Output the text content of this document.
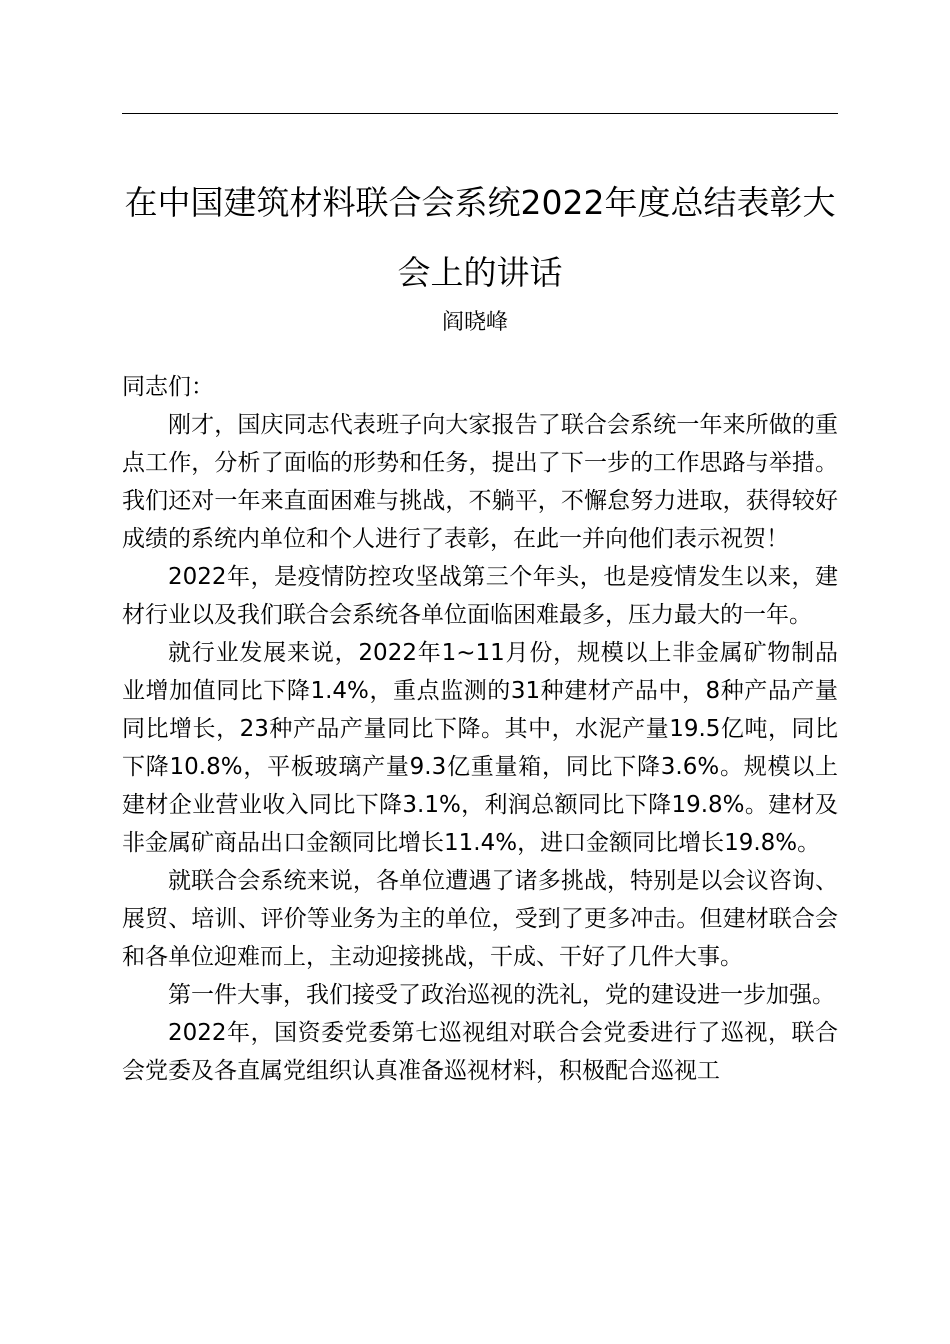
在中国建筑材料联合会系统2022年度总结表彰大会上的讲话
阎晓峰

同志们：

刚才，国庆同志代表班子向大家报告了联合会系统一年来所做的重点工作，分析了面临的形势和任务，提出了下一步的工作思路与举措。我们还对一年来直面困难与挑战，不躺平，不懈怠努力进取，获得较好成绩的系统内单位和个人进行了表彰，在此一并向他们表示祝贺！

2022年，是疫情防控攻坚战第三个年头，也是疫情发生以来，建材行业以及我们联合会系统各单位面临困难最多，压力最大的一年。

就行业发展来说，2022年1~11月份，规模以上非金属矿物制品业增加值同比下降1.4%，重点监测的31种建材产品中，8种产品产量同比增长，23种产品产量同比下降。其中，水泥产量19.5亿吨，同比下降10.8%，平板玻璃产量9.3亿重量箱，同比下降3.6%。规模以上建材企业营业收入同比下降3.1%，利润总额同比下降19.8%。建材及非金属矿商品出口金额同比增长11.4%，进口金额同比增长19.8%。

就联合会系统来说，各单位遭遇了诸多挑战，特别是以会议咨询、展贸、培训、评价等业务为主的单位，受到了更多冲击。但建材联合会和各单位迎难而上，主动迎接挑战，干成、干好了几件大事。

第一件大事，我们接受了政治巡视的洗礼，党的建设进一步加强。

2022年，国资委党委第七巡视组对联合会党委进行了巡视，联合会党委及各直属党组织认真准备巡视材料，积极配合巡视工
